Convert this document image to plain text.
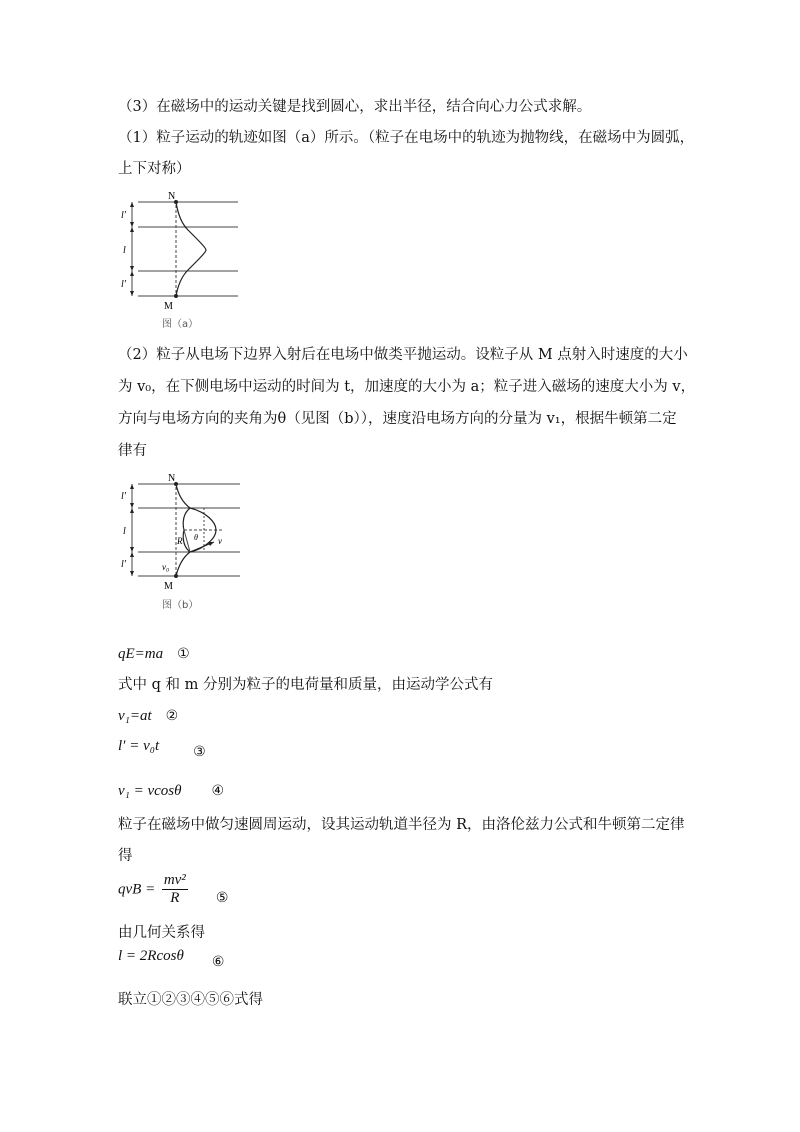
（3）在磁场中的运动关键是找到圆心，求出半径，结合向心力公式求解。
（1）粒子运动的轨迹如图（a）所示。（粒子在电场中的轨迹为抛物线，在磁场中为圆弧，
上下对称）
N
M
l′
l
l′
图（a）
（2）粒子从电场下边界入射后在电场中做类平抛运动。设粒子从 M 点射入时速度的大小
为 v₀，在下侧电场中运动的时间为 t，加速度的大小为 a；粒子进入磁场的速度大小为 v，
方向与电场方向的夹角为θ（见图（b）），速度沿电场方向的分量为 v₁，根据牛顿第二定
律有
N
M
l′
l
l′
R θ v
v₀
图（b）
qE=ma ①
式中 q 和 m 分别为粒子的电荷量和质量，由运动学公式有
v₁=at ②
l′ = v₀t ③
v₁ = vcosθ ④
粒子在磁场中做匀速圆周运动，设其运动轨道半径为 R，由洛伦兹力公式和牛顿第二定律
得
qvB = $\frac{\text{mv²}}{R}$ ⑤
由几何关系得
l = 2Rcosθ ⑥
联立①②③④⑤⑥式得
